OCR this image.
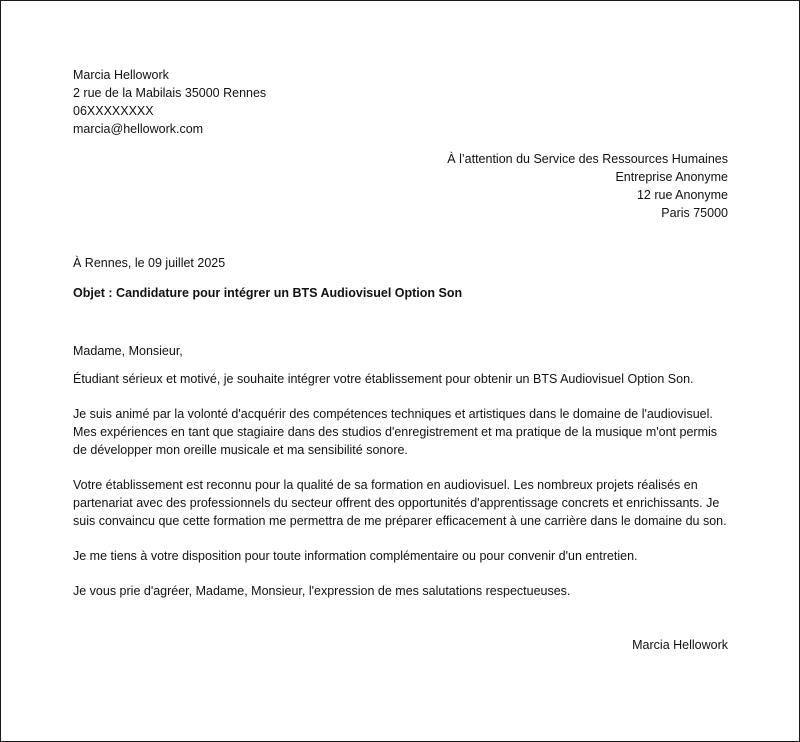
Marcia Hellowork
2 rue de la Mabilais 35000 Rennes
06XXXXXXXX
marcia@hellowork.com
À l’attention du Service des Ressources Humaines
Entreprise Anonyme
12 rue Anonyme
Paris 75000
À Rennes, le 09 juillet 2025
Objet : Candidature pour intégrer un BTS Audiovisuel Option Son
Madame, Monsieur,

Étudiant sérieux et motivé, je souhaite intégrer votre établissement pour obtenir un BTS Audiovisuel Option Son.

Je suis animé par la volonté d'acquérir des compétences techniques et artistiques dans le domaine de l'audiovisuel. Mes expériences en tant que stagiaire dans des studios d'enregistrement et ma pratique de la musique m'ont permis de développer mon oreille musicale et ma sensibilité sonore.

Votre établissement est reconnu pour la qualité de sa formation en audiovisuel. Les nombreux projets réalisés en partenariat avec des professionnels du secteur offrent des opportunités d'apprentissage concrets et enrichissants. Je suis convaincu que cette formation me permettra de me préparer efficacement à une carrière dans le domaine du son.

Je me tiens à votre disposition pour toute information complémentaire ou pour convenir d'un entretien.

Je vous prie d'agréer, Madame, Monsieur, l'expression de mes salutations respectueuses.

Marcia Hellowork
